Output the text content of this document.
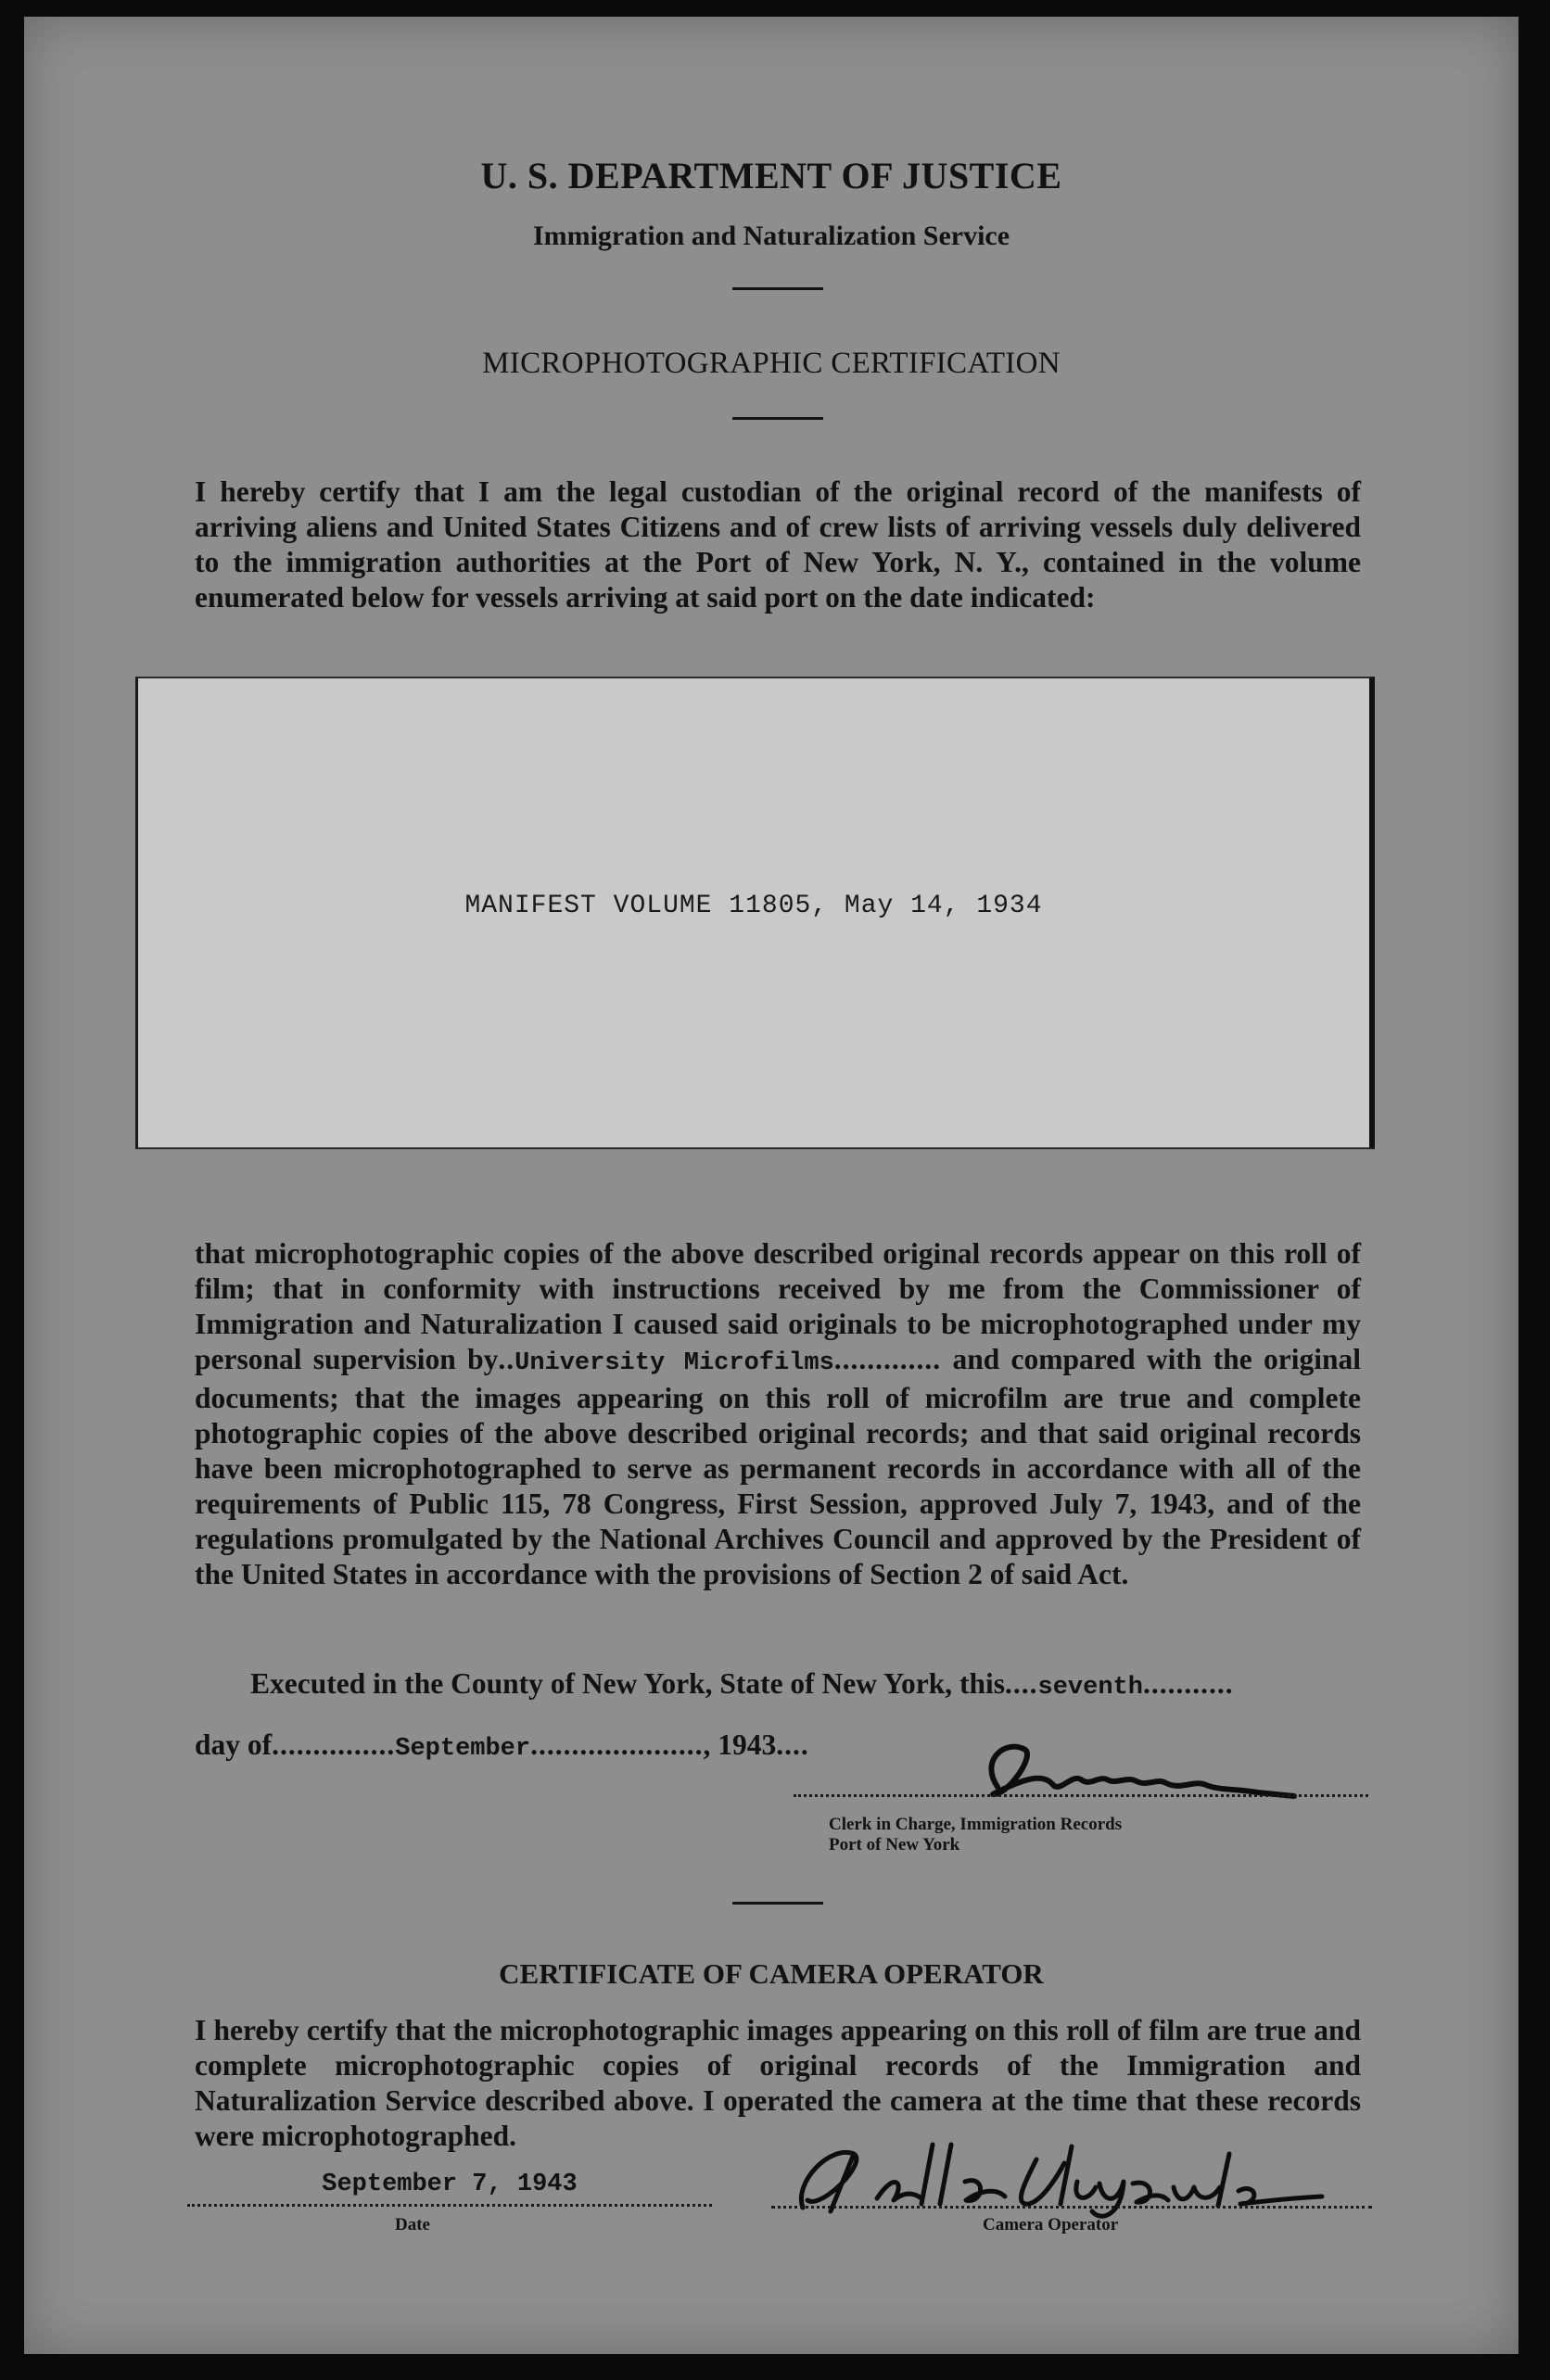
U. S. DEPARTMENT OF JUSTICE
Immigration and Naturalization Service
MICROPHOTOGRAPHIC CERTIFICATION

I hereby certify that I am the legal custodian of the original record of the manifests of arriving aliens and United States Citizens and of crew lists of arriving vessels duly delivered to the immigration authorities at the Port of New York, N. Y., contained in the volume enumerated below for vessels arriving at said port on the date indicated:

MANIFEST VOLUME 11805, May 14, 1934

that microphotographic copies of the above described original records appear on this roll of film; that in conformity with instructions received by me from the Commissioner of Immigration and Naturalization I caused said originals to be microphotographed under my personal supervision by..University Microfilms............. and compared with the original documents; that the images appearing on this roll of microfilm are true and complete photographic copies of the above described original records; and that said original records have been microphotographed to serve as permanent records in accordance with all of the requirements of Public 115, 78 Congress, First Session, approved July 7, 1943, and of the regulations promulgated by the National Archives Council and approved by the President of the United States in accordance with the provisions of Section 2 of said Act.

Executed in the County of New York, State of New York, this....seventh...........
day of...............September....................., 1943....
Clerk in Charge, Immigration Records
Port of New York
CERTIFICATE OF CAMERA OPERATOR

I hereby certify that the microphotographic images appearing on this roll of film are true and complete microphotographic copies of original records of the Immigration and Naturalization Service described above. I operated the camera at the time that these records were microphotographed.

September 7, 1943
Date	Camera Operator
